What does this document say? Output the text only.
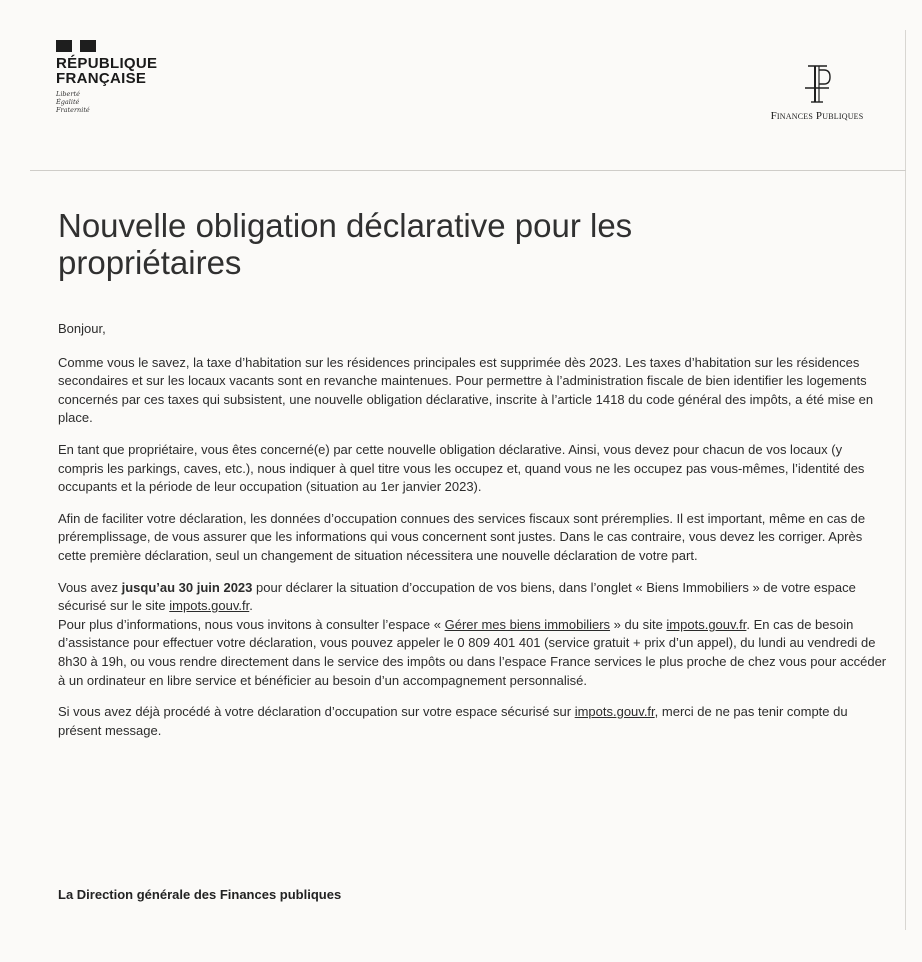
RÉPUBLIQUE
FRANÇAISE
Liberté
Égalité
Fraternité	Finances Publiques
Nouvelle obligation déclarative pour les propriétaires

Bonjour,

Comme vous le savez, la taxe d’habitation sur les résidences principales est supprimée dès 2023. Les taxes d’habitation sur les résidences secondaires et sur les locaux vacants sont en revanche maintenues. Pour permettre à l’administration fiscale de bien identifier les logements concernés par ces taxes qui subsistent, une nouvelle obligation déclarative, inscrite à l’article 1418 du code général des impôts, a été mise en place.

En tant que propriétaire, vous êtes concerné(e) par cette nouvelle obligation déclarative. Ainsi, vous devez pour chacun de vos locaux (y compris les parkings, caves, etc.), nous indiquer à quel titre vous les occupez et, quand vous ne les occupez pas vous-mêmes, l’identité des occupants et la période de leur occupation (situation au 1er janvier 2023).

Afin de faciliter votre déclaration, les données d’occupation connues des services fiscaux sont préremplies. Il est important, même en cas de préremplissage, de vous assurer que les informations qui vous concernent sont justes. Dans le cas contraire, vous devez les corriger. Après cette première déclaration, seul un changement de situation nécessitera une nouvelle déclaration de votre part.

Vous avez jusqu’au 30 juin 2023 pour déclarer la situation d’occupation de vos biens, dans l’onglet « Biens Immobiliers » de votre espace sécurisé sur le site impots.gouv.fr.

Pour plus d’informations, nous vous invitons à consulter l’espace « Gérer mes biens immobiliers » du site impots.gouv.fr. En cas de besoin d’assistance pour effectuer votre déclaration, vous pouvez appeler le 0 809 401 401 (service gratuit + prix d’un appel), du lundi au vendredi de 8h30 à 19h, ou vous rendre directement dans le service des impôts ou dans l’espace France services le plus proche de chez vous pour accéder à un ordinateur en libre service et bénéficier au besoin d’un accompagnement personnalisé.

Si vous avez déjà procédé à votre déclaration d’occupation sur votre espace sécurisé sur impots.gouv.fr, merci de ne pas tenir compte du présent message.

La Direction générale des Finances publiques
